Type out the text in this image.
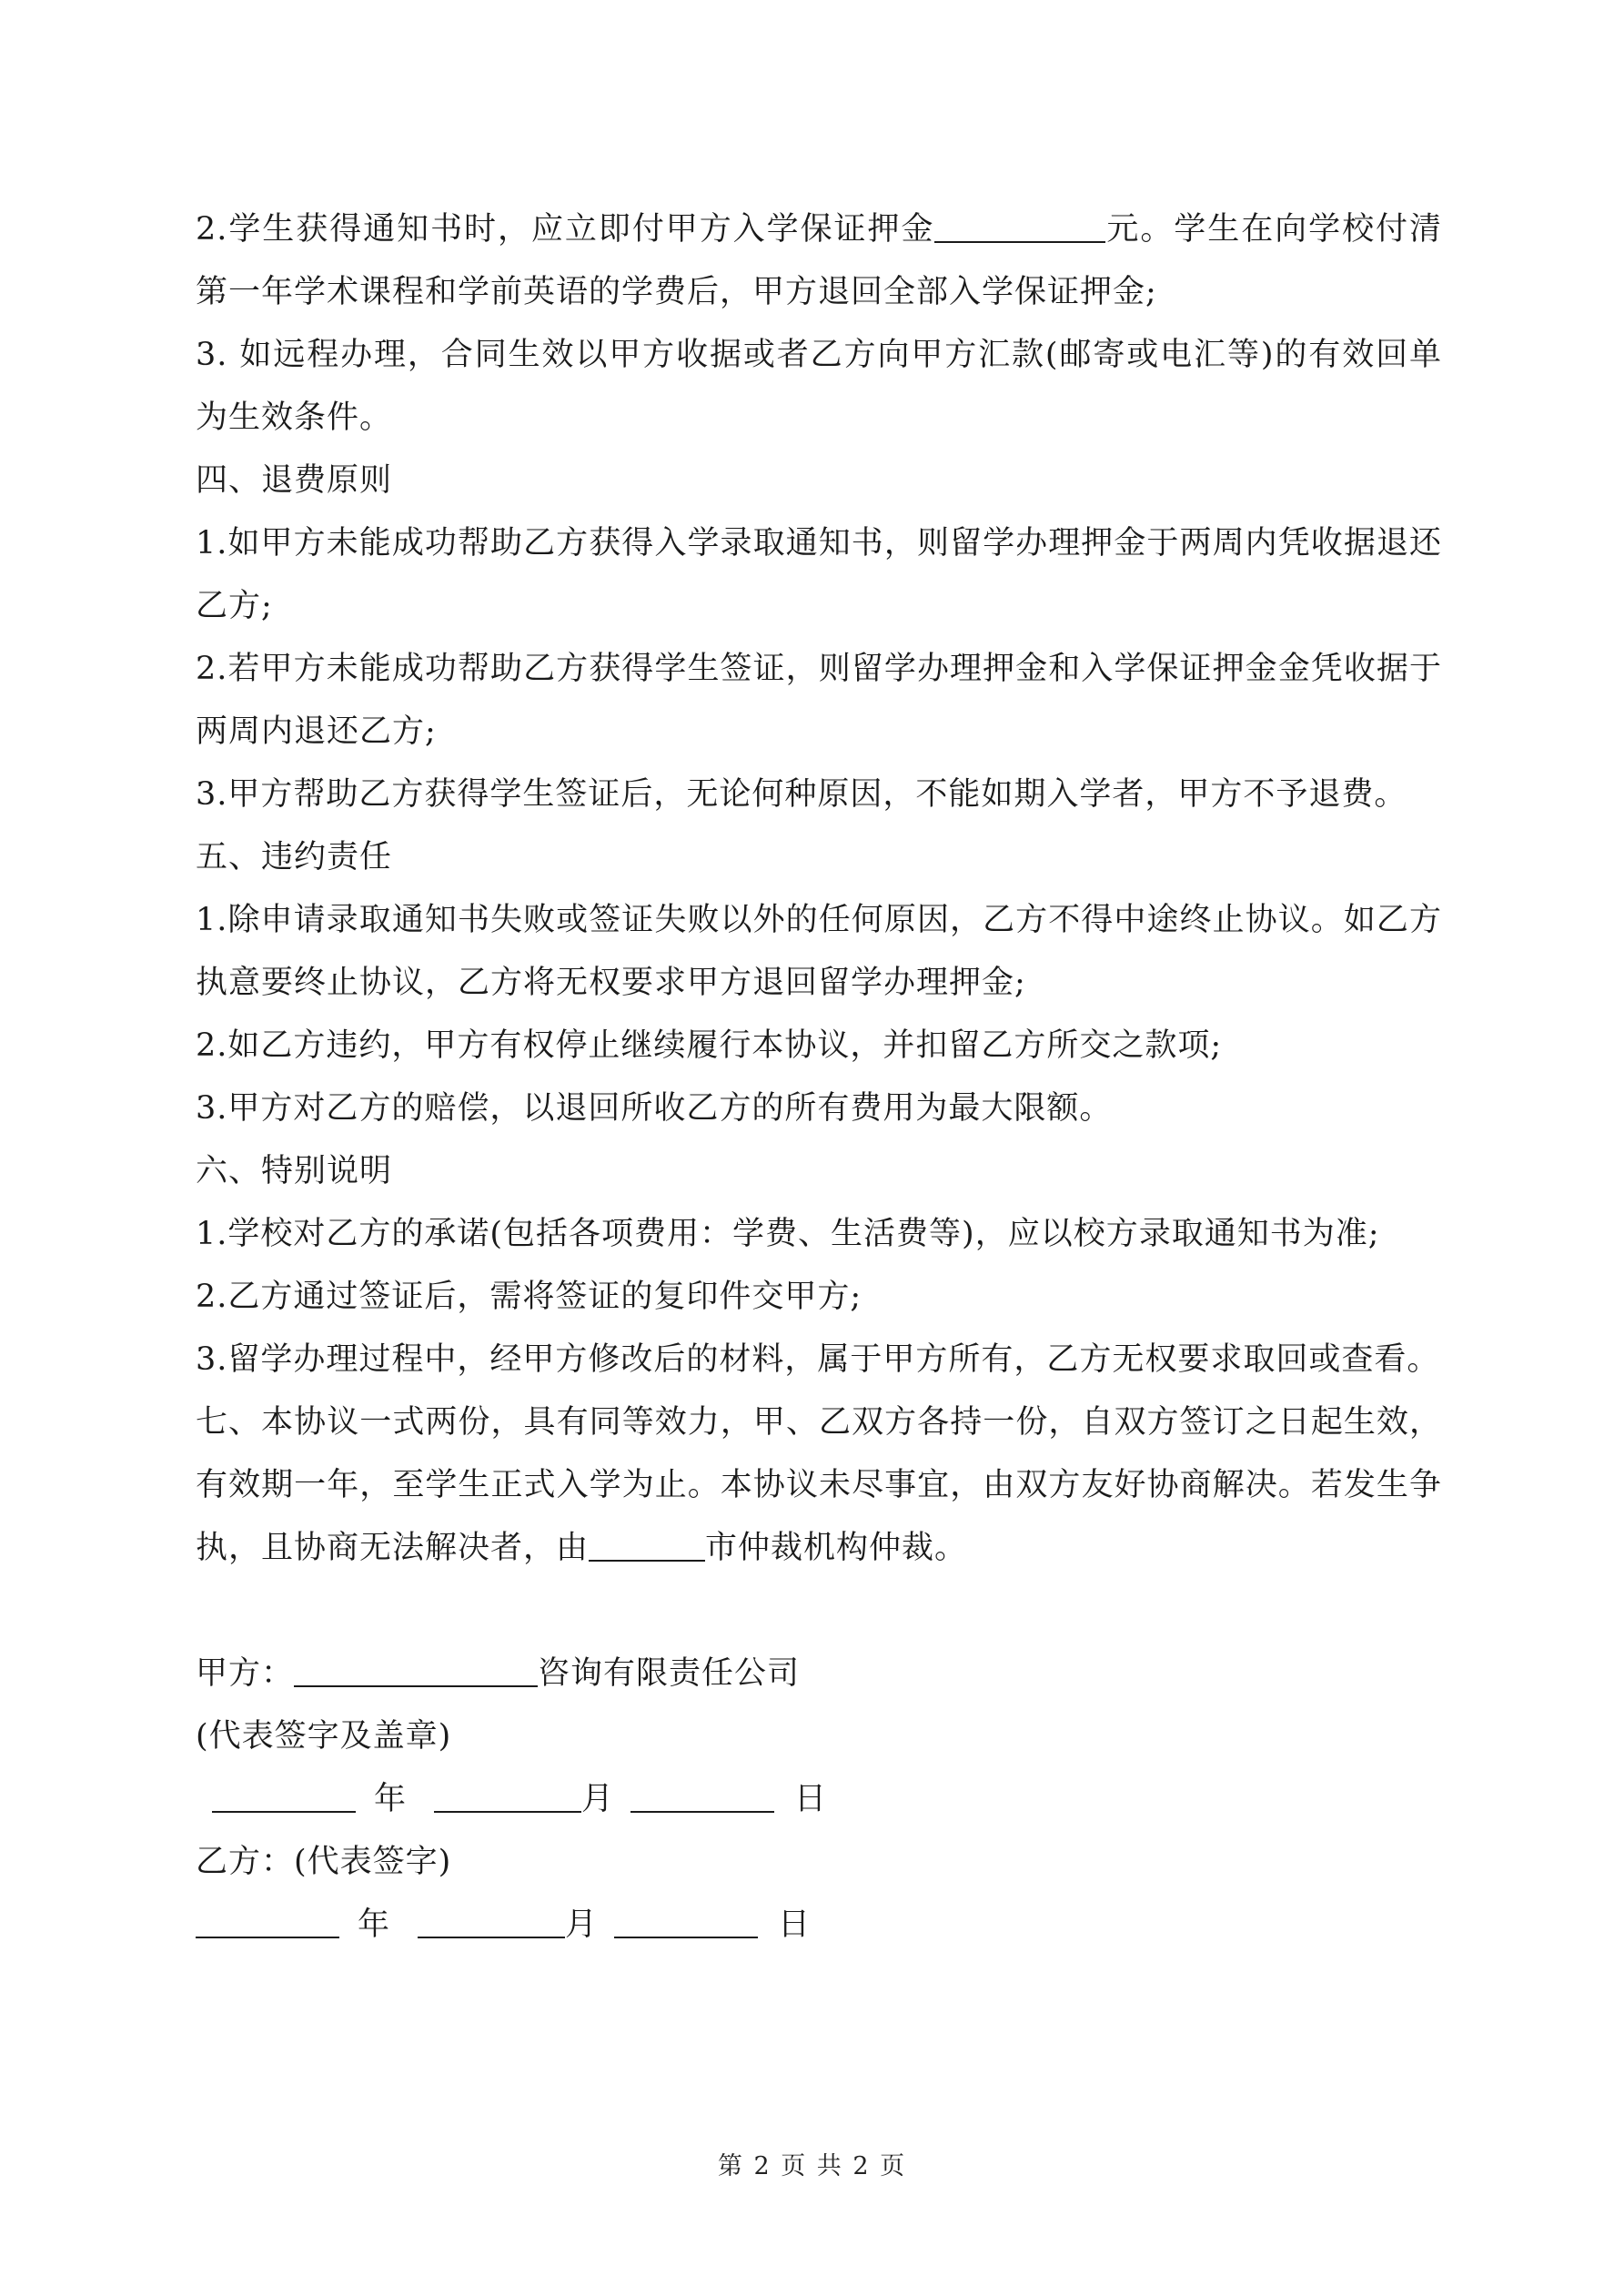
2.学生获得通知书时，应立即付甲方入学保证押金	元。学生在向学校付清第一年学术课程和学前英语的学费后，甲方退回全部入学保证押金;

3. 如远程办理，合同生效以甲方收据或者乙方向甲方汇款(邮寄或电汇等)的有效回单为生效条件。

四、退费原则

1.如甲方未能成功帮助乙方获得入学录取通知书，则留学办理押金于两周内凭收据退还乙方;

2.若甲方未能成功帮助乙方获得学生签证，则留学办理押金和入学保证押金金凭收据于两周内退还乙方;

3.甲方帮助乙方获得学生签证后，无论何种原因，不能如期入学者，甲方不予退费。

五、违约责任

1.除申请录取通知书失败或签证失败以外的任何原因，乙方不得中途终止协议。如乙方执意要终止协议，乙方将无权要求甲方退回留学办理押金;

2.如乙方违约，甲方有权停止继续履行本协议，并扣留乙方所交之款项;

3.甲方对乙方的赔偿，以退回所收乙方的所有费用为最大限额。

六、特别说明

1.学校对乙方的承诺(包括各项费用：学费、生活费等)，应以校方录取通知书为准;

2.乙方通过签证后，需将签证的复印件交甲方;

3.留学办理过程中，经甲方修改后的材料，属于甲方所有，乙方无权要求取回或查看。

七、本协议一式两份，具有同等效力，甲、乙双方各持一份，自双方签订之日起生效，有效期一年，至学生正式入学为止。本协议未尽事宜，由双方友好协商解决。若发生争执，且协商无法解决者，由	市仲裁机构仲裁。

甲方：	咨询有限责任公司

(代表签字及盖章)

年	月	日

乙方：(代表签字)

年	月	日

第 2 页 共 2 页
